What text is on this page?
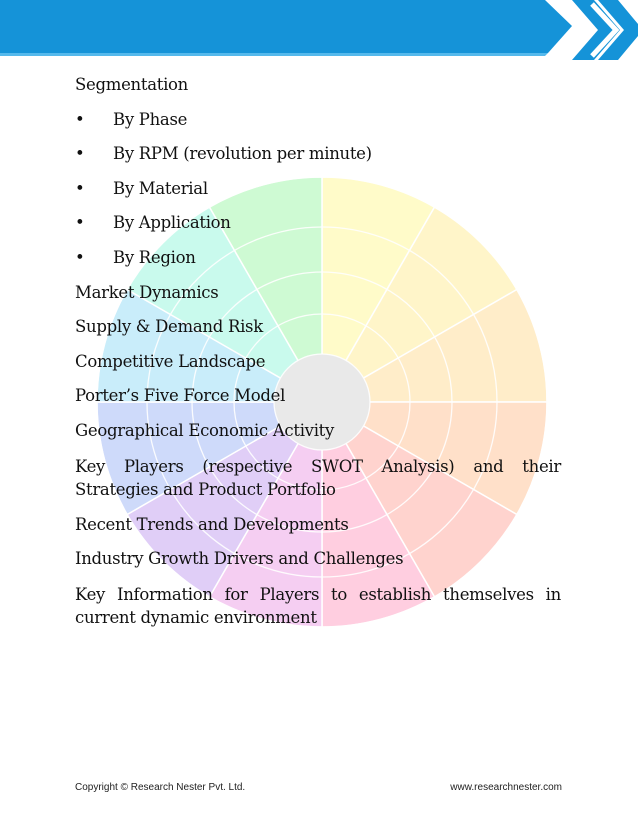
Segmentation
•	By Phase
•	By RPM (revolution per minute)
•	By Material
•	By Application
•	By Region
Market Dynamics
Supply & Demand Risk
Competitive Landscape
Porter’s Five Force Model
Geographical Economic Activity
Key Players (respective SWOT Analysis) and their Strategies and Product Portfolio
Recent Trends and Developments
Industry Growth Drivers and Challenges
Key Information for Players to establish themselves in current dynamic environment
Copyright © Research Nester Pvt. Ltd.	www.researchnester.com
